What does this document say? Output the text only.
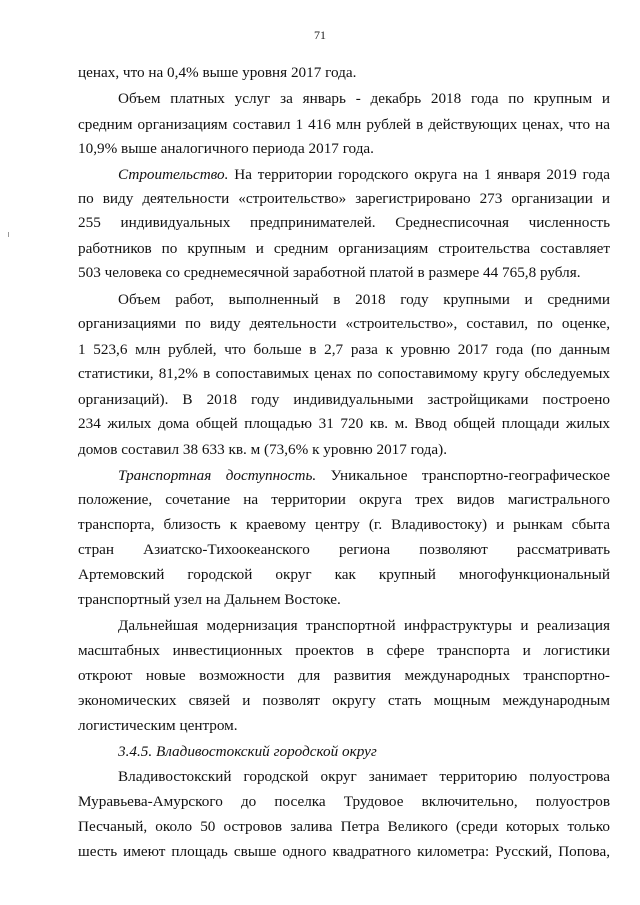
71

ценах, что на 0,4% выше уровня 2017 года.

Объем платных услуг за январь - декабрь 2018 года по крупным и

средним организациям составил 1 416 млн рублей в действующих ценах, что на

10,9% выше аналогичного периода 2017 года.

Строительство. На территории городского округа на 1 января 2019 года

по виду деятельности «строительство» зарегистрировано 273 организации и

255 индивидуальных предпринимателей. Среднесписочная численность

работников по крупным и средним организациям строительства составляет

503 человека со среднемесячной заработной платой в размере 44 765,8 рубля.

Объем работ, выполненный в 2018 году крупными и средними

организациями по виду деятельности «строительство», составил, по оценке,

1 523,6 млн рублей, что больше в 2,7 раза к уровню 2017 года (по данным

статистики, 81,2% в сопоставимых ценах по сопоставимому кругу обследуемых

организаций). В 2018 году индивидуальными застройщиками построено

234 жилых дома общей площадью 31 720 кв. м. Ввод общей площади жилых

домов составил 38 633 кв. м (73,6% к уровню 2017 года).

Транспортная доступность. Уникальное транспортно-географическое

положение, сочетание на территории округа трех видов магистрального

транспорта, близость к краевому центру (г. Владивостоку) и рынкам сбыта

стран Азиатско-Тихоокеанского региона позволяют рассматривать

Артемовский городской округ как крупный многофункциональный

транспортный узел на Дальнем Востоке.

Дальнейшая модернизация транспортной инфраструктуры и реализация

масштабных инвестиционных проектов в сфере транспорта и логистики

откроют новые возможности для развития международных транспортно-

экономических связей и позволят округу стать мощным международным

логистическим центром.

3.4.5. Владивостокский городской округ

Владивостокский городской округ занимает территорию полуострова

Муравьева-Амурского до поселка Трудовое включительно, полуостров

Песчаный, около 50 островов залива Петра Великого (среди которых только

шесть имеют площадь свыше одного квадратного километра: Русский, Попова,
